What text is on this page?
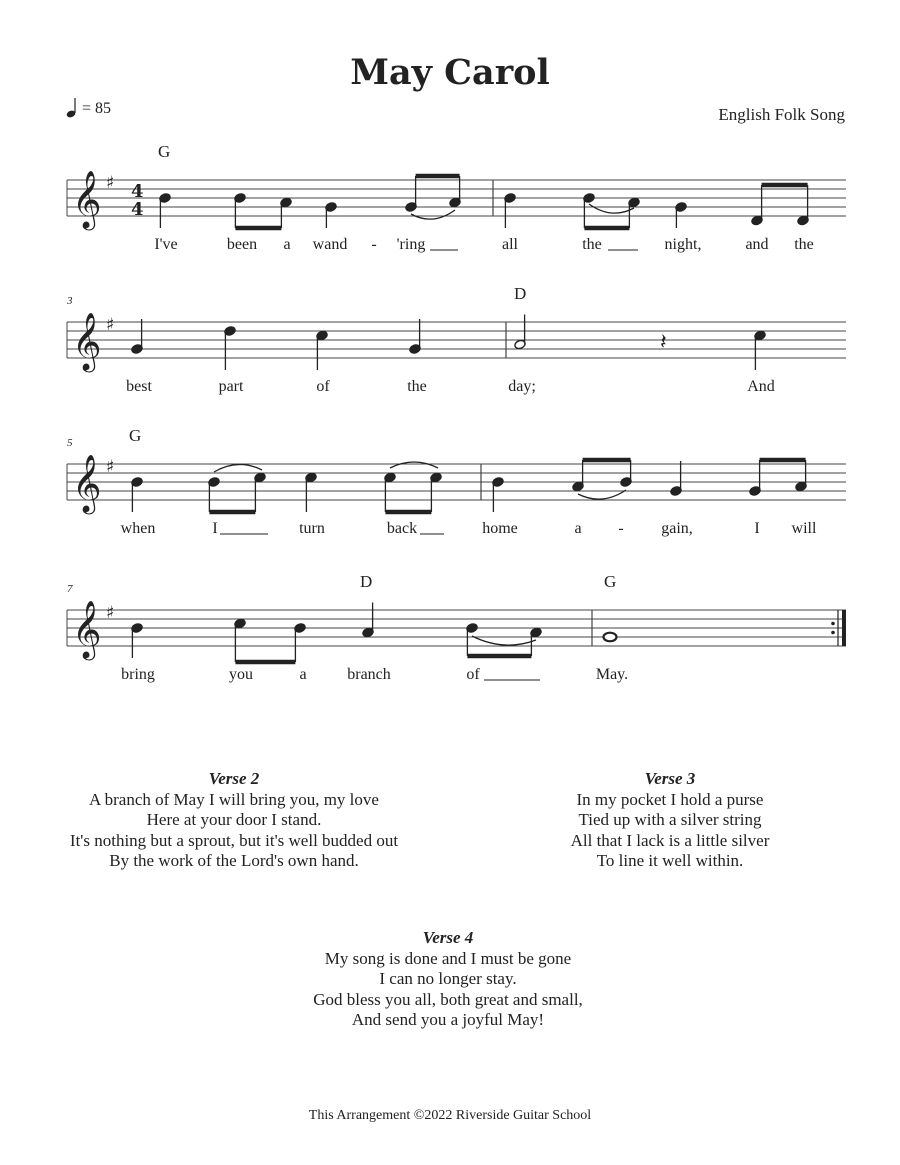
May Carol
= 85	English Folk Song
𝄞 ♯ 4
4
𝄞 ♯
𝄽
𝄞 ♯
𝄞 ♯
G
D
G
D	G
3
5
7
I've	been a wand - 'ring	all	the	night,	and the
best	part	of	the	day;	And
when	I	turn	back	home	a - gain,	I will
bring	you	a	branch	of	May.
Verse 2
A branch of May I will bring you, my love
Here at your door I stand.
It's nothing but a sprout, but it's well budded out
By the work of the Lord's own hand.
Verse 3
In my pocket I hold a purse
Tied up with a silver string
All that I lack is a little silver
To line it well within.
Verse 4
My song is done and I must be gone
I can no longer stay.
God bless you all, both great and small,
And send you a joyful May!
This Arrangement ©2022 Riverside Guitar School
